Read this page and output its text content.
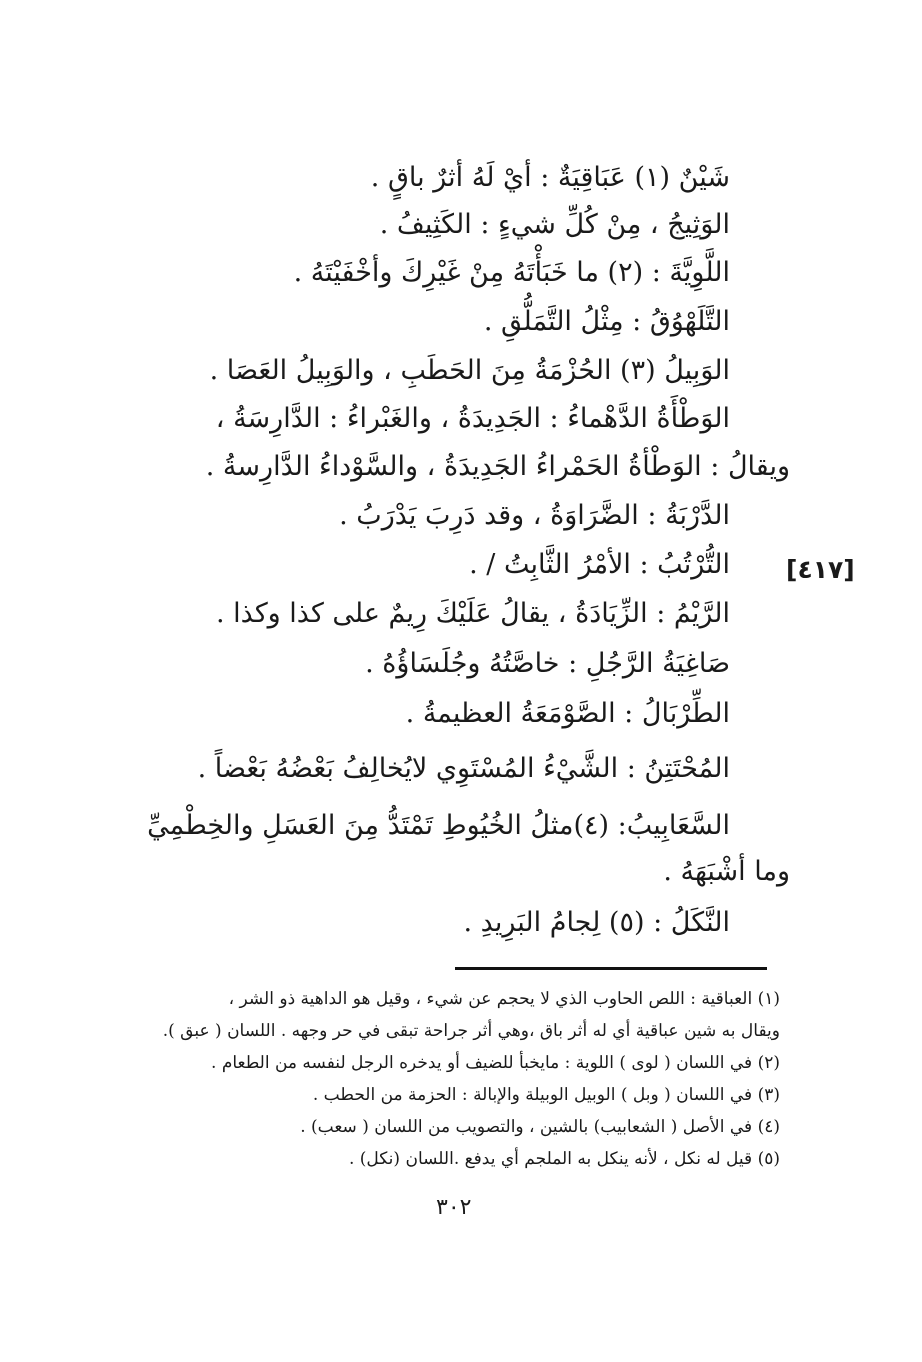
شَيْنٌ (١) عَبَاقِيَةٌ : أيْ لَهُ أثرٌ باقٍ .
الوَثِيجُ ، مِنْ كُلِّ شيءٍ : الكَثِيفُ .
اللَّوِيَّةَ : (٢) ما خَبَأْتَهُ مِنْ غَيْرِكَ وأخْفَيْتَهُ .
التَّلَهْوُقُ : مِثْلُ التَّمَلُّقِ .
الوَبِيلُ (٣) الحُزْمَةُ مِنَ الحَطَبِ ، والوَبِيلُ العَصَا .
الوَطْأَةُ الدَّهْماءُ : الجَدِيدَةُ ، والغَبْراءُ : الدَّارِسَةُ ،
ويقالُ : الوَطْأةُ الحَمْراءُ الجَدِيدَةُ ، والسَّوْداءُ الدَّارِسةُ .
الدَّرْبَةُ : الضَّرَاوَةُ ، وقد دَرِبَ يَدْرَبُ .
التُّرْتُبُ : الأمْرُ الثَّابِتُ / .
الرَّيْمُ : الزِّيَادَةُ ، يقالُ عَلَيْكَ رِيمٌ على كذا وكذا .
صَاغِيَةُ الرَّجُلِ : خاصَّتُهُ وجُلَسَاؤُهُ .
الطِّرْبَالُ : الصَّوْمَعَةُ العظيمةُ .
المُحْتَتِنُ : الشَّيْءُ المُسْتَوِي لايُخالِفُ بَعْضُهُ بَعْضاً .
السَّعَابِيبُ: (٤)مثلُ الخُيُوطِ تَمْتَدُّ مِنَ العَسَلِ والخِطْمِيِّ
وما أشْبَهَهُ .
النَّكَلُ : (٥) لِجامُ البَرِيدِ .
[٤١٧]
(١) العباقية : اللص الحاوب الذي لا يحجم عن شيء ، وقيل هو الداهية ذو الشر ،
ويقال به شين عباقية أي له أثر باق ،وهي أثر جراحة تبقى في حر وجهه . اللسان ( عبق ).
(٢) في اللسان ( لوى ) اللوية : مايخبأ للضيف أو يدخره الرجل لنفسه من الطعام .
(٣) في اللسان ( وبل ) الوبيل الوبيلة والإبالة : الحزمة من الحطب .
(٤) في الأصل ( الشعابيب) بالشين ، والتصويب من اللسان ( سعب) .
(٥) قيل له نكل ، لأنه ينكل به الملجم أي يدفع .اللسان (نكل) .
٣٠٢
